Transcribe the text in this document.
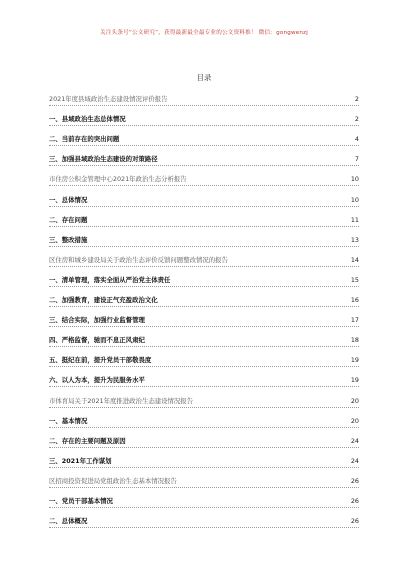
关注头条号“公文研究”，获得最新最全最专业的公文资料推！ 微信：gongwenzj
目录
2021年度县域政治生态建设情况评价报告	2
一、县域政治生态总体情况	2
二、当前存在的突出问题	4
三、加强县域政治生态建设的对策路径	7
市住房公积金管理中心2021年政治生态分析报告	10
一、总体情况	10
二、存在问题	11
三、整改措施	13
区住房和城乡建设局关于政治生态评价反馈问题整改情况的报告	14
一、清单管理，落实全面从严治党主体责任	15
二、加强教育，建设正气充盈政治文化	16
三、结合实际，加强行业监督管理	17
四、严格监督，驰而不息正风肃纪	18
五、挺纪在前，提升党员干部敬畏度	19
六、以人为本，提升为民服务水平	19
市体育局关于2021年度推进政治生态建设情况报告	20
一、基本情况	20
二、存在的主要问题及原因	24
三、2021年工作谋划	24
区招商投资促进局党组政治生态基本情况报告	26
一、党员干部基本情况	26
二、总体概况	26
